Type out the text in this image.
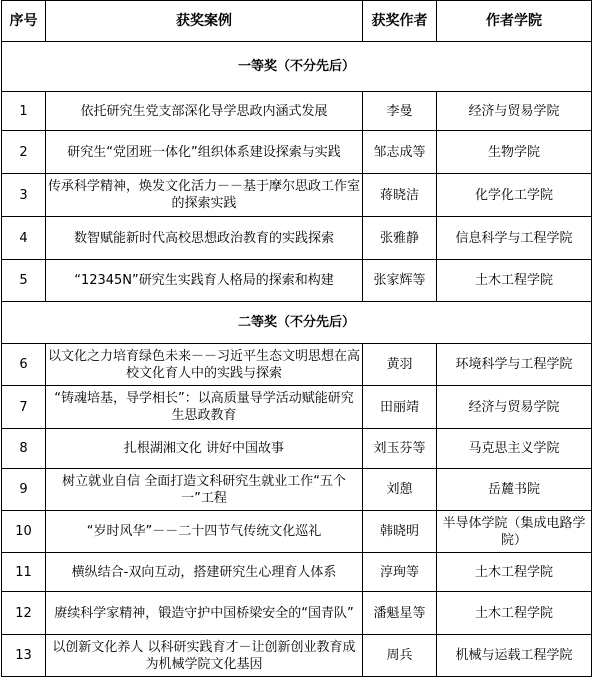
序号	获奖案例	获奖作者	作者学院
一等奖（不分先后）			
1	依托研究生党支部深化导学思政内涵式发展	李曼	经济与贸易学院
2	研究生“党团班一体化”组织体系建设探索与实践	邹志成等	生物学院
3	传承科学精神，焕发文化活力－－基于摩尔思政工作室的探索实践	蒋晓洁	化学化工学院
4	数智赋能新时代高校思想政治教育的实践探索	张雅静	信息科学与工程学院
5	“12345N”研究生实践育人格局的探索和构建	张家辉等	土木工程学院
二等奖（不分先后）			
6	以文化之力培育绿色未来－－习近平生态文明思想在高校文化育人中的实践与探索	黄羽	环境科学与工程学院
7	“铸魂培基，导学相长”：以高质量导学活动赋能研究生思政教育	田丽靖	经济与贸易学院
8	扎根湖湘文化 讲好中国故事	刘玉芬等	马克思主义学院
9	树立就业自信 全面打造文科研究生就业工作“五个一”工程	刘憩	岳麓书院
10	“岁时风华”－－二十四节气传统文化巡礼	韩晓明	半导体学院（集成电路学院）
11	横纵结合-双向互动，搭建研究生心理育人体系	淳珣等	土木工程学院
12	赓续科学家精神，锻造守护中国桥梁安全的“国青队”	潘魁星等	土木工程学院
13	以创新文化养人 以科研实践育才－让创新创业教育成为机械学院文化基因	周兵	机械与运载工程学院
